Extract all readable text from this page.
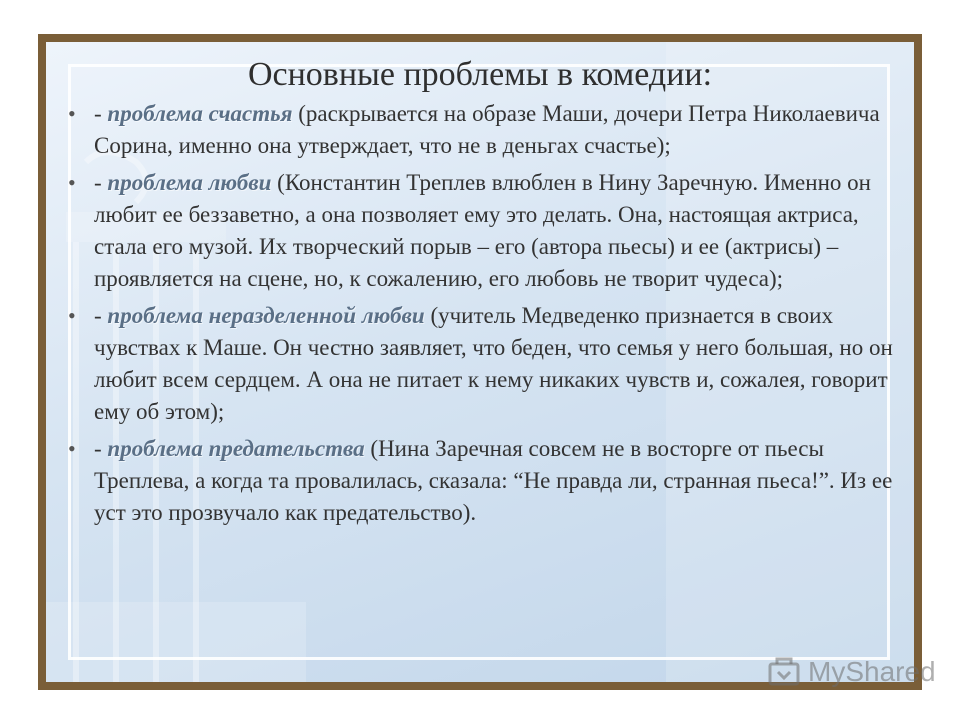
Основные проблемы в комедии:
• - проблема счастья (раскрывается на образе Маши, дочери Петра Николаевича Сорина, именно она утверждает, что не в деньгах счастье);
• - проблема любви (Константин Треплев влюблен в Нину Заречную. Именно он любит ее беззаветно, а она позволяет ему это делать. Она, настоящая актриса, стала его музой. Их творческий порыв – его (автора пьесы) и ее (актрисы) – проявляется на сцене, но, к сожалению, его любовь не творит чудеса);
• - проблема неразделенной любви (учитель Медведенко признается в своих чувствах к Маше. Он честно заявляет, что беден, что семья у него большая, но он любит всем сердцем. А она не питает к нему никаких чувств и, сожалея, говорит ему об этом);
• - проблема предательства (Нина Заречная совсем не в восторге от пьесы Треплева, а когда та провалилась, сказала: “Не правда ли, странная пьеса!”. Из ее уст это прозвучало как предательство).
MyShared
